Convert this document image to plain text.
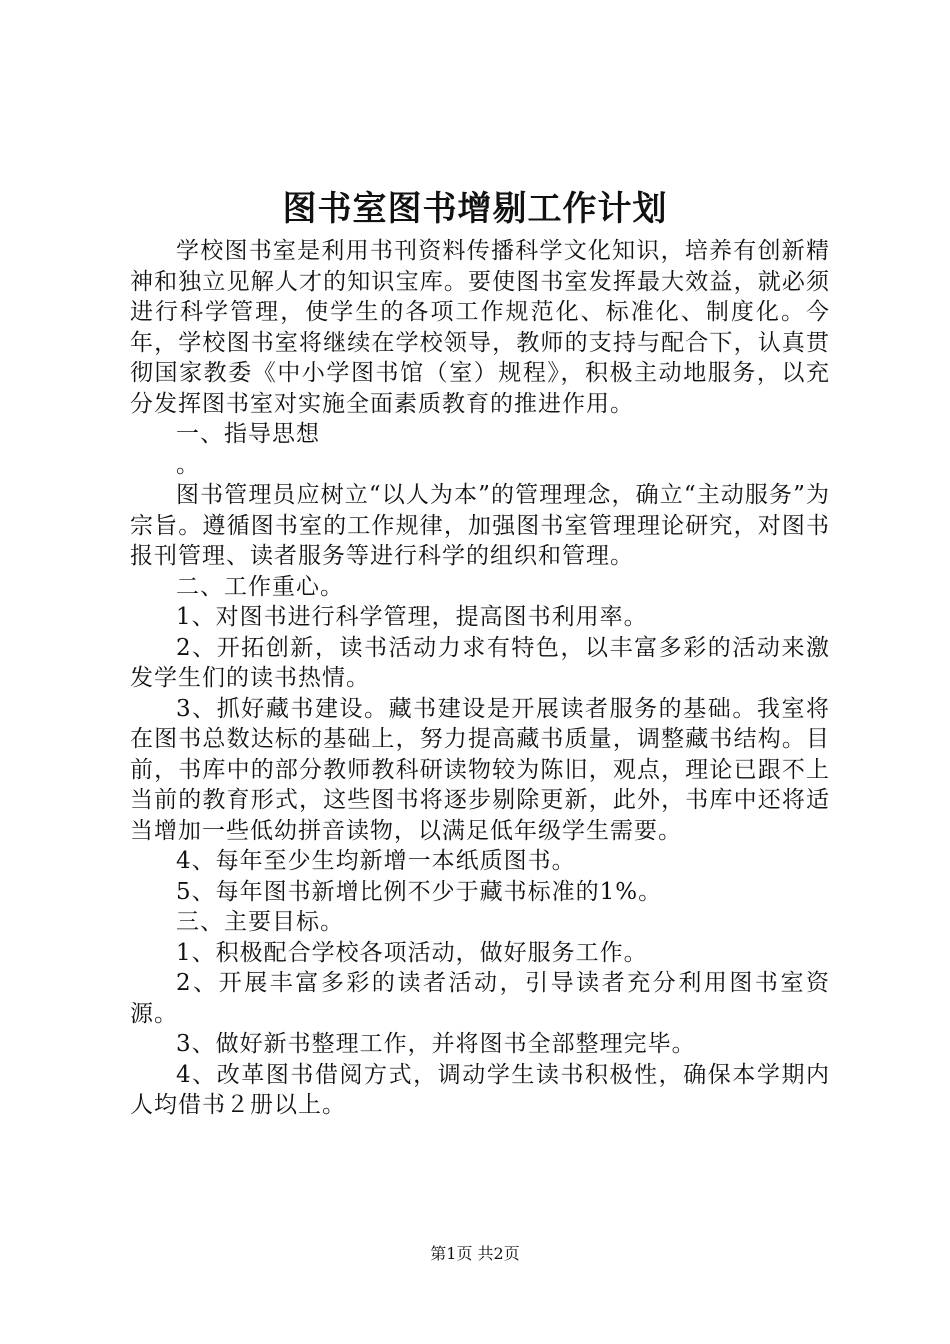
图书室图书增剔工作计划

学校图书室是利用书刊资料传播科学文化知识，培养有创新精神和独立见解人才的知识宝库。要使图书室发挥最大效益，就必须进行科学管理，使学生的各项工作规范化、标准化、制度化。今年，学校图书室将继续在学校领导，教师的支持与配合下，认真贯彻国家教委《中小学图书馆（室）规程》，积极主动地服务，以充分发挥图书室对实施全面素质教育的推进作用。

一、指导思想

。

图书管理员应树立“以人为本”的管理理念，确立“主动服务”为宗旨。遵循图书室的工作规律，加强图书室管理理论研究，对图书报刊管理、读者服务等进行科学的组织和管理。

二、工作重心。

1、对图书进行科学管理，提高图书利用率。

2、开拓创新，读书活动力求有特色，以丰富多彩的活动来激发学生们的读书热情。

3、抓好藏书建设。藏书建设是开展读者服务的基础。我室将在图书总数达标的基础上，努力提高藏书质量，调整藏书结构。目前，书库中的部分教师教科研读物较为陈旧，观点，理论已跟不上当前的教育形式，这些图书将逐步剔除更新，此外，书库中还将适当增加一些低幼拼音读物，以满足低年级学生需要。

4、每年至少生均新增一本纸质图书。

5、每年图书新增比例不少于藏书标准的1%。

三、主要目标。

1、积极配合学校各项活动，做好服务工作。

2、开展丰富多彩的读者活动，引导读者充分利用图书室资源。

3、做好新书整理工作，并将图书全部整理完毕。

4、改革图书借阅方式，调动学生读书积极性，确保本学期内人均借书２册以上。

第1页 共2页
